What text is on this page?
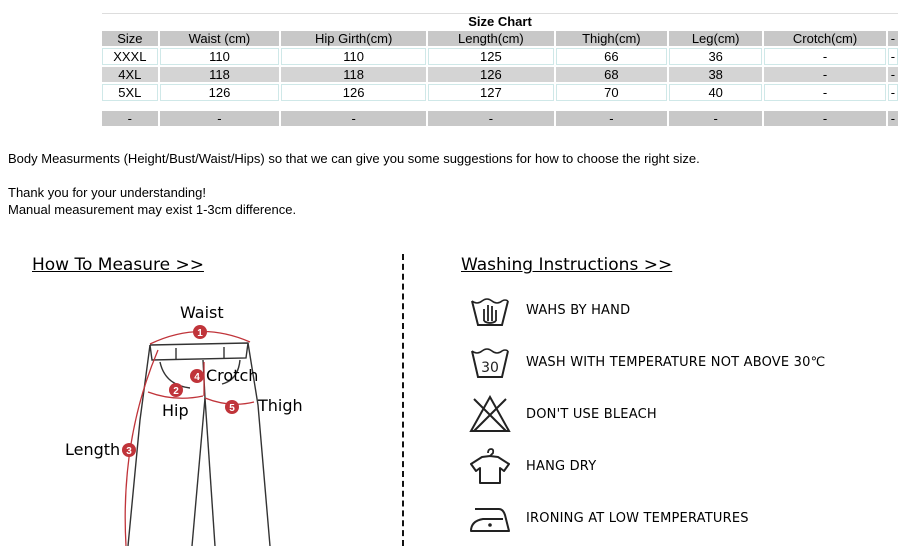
Size Chart							
Size	Waist (cm)	Hip Girth(cm)	Length(cm)	Thigh(cm)	Leg(cm)	Crotch(cm)	-
XXXL	110	110	125	66	36	-	-
4XL	118	118	126	68	38	-	-
5XL	126	126	127	70	40	-	-

-	-	-	-	-	-	-	-

Body Measurments (Height/Bust/Waist/Hips) so that we can give you some suggestions for how to choose the right size.

Thank you for your understanding!

Manual measurement may exist 1-3cm difference.

How To Measure >>	Washing Instructions >>
1
2
4
5
3
Waist
Hip
Crotch
Thigh
Length
WAHS BY HAND
30 WASH WITH TEMPERATURE NOT ABOVE 30℃
DON'T USE BLEACH
HANG DRY
IRONING AT LOW TEMPERATURES
